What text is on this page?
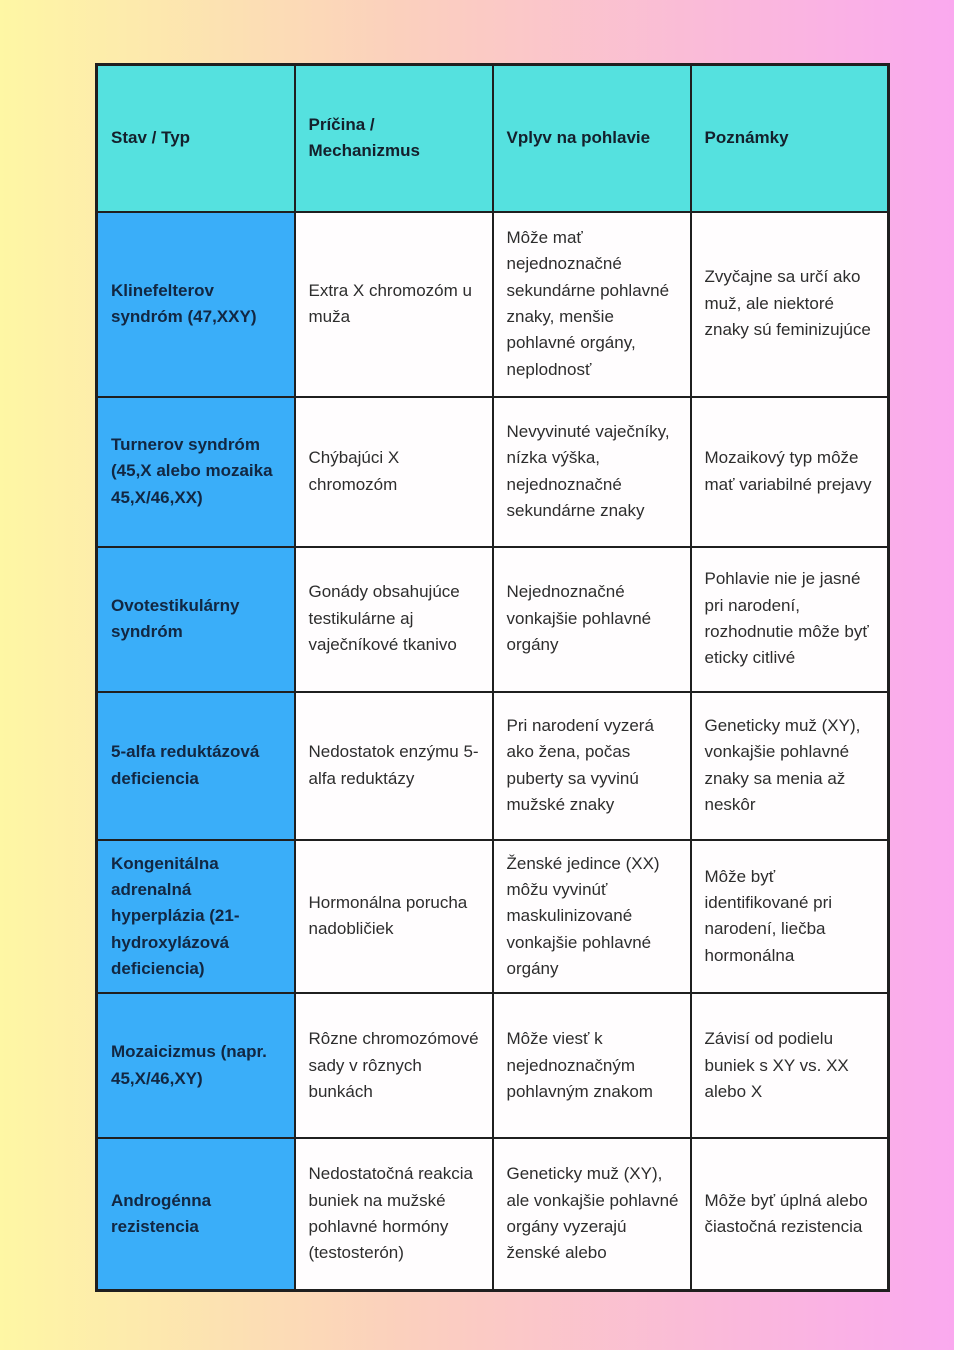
Stav / Typ	Príčina / Mechanizmus	Vplyv na pohlavie	Poznámky
Klinefelterov syndróm (47,XXY)	Extra X chromozóm u muža	Môže mať nejednoznačné sekundárne pohlavné znaky, menšie pohlavné orgány, neplodnosť	Zvyčajne sa určí ako muž, ale niektoré znaky sú feminizujúce
Turnerov syndróm (45,X alebo mozaika 45,X/46,XX)	Chýbajúci X chromozóm	Nevyvinuté vaječníky, nízka výška, nejednoznačné sekundárne znaky	Mozaikový typ môže mať variabilné prejavy
Ovotestikulárny syndróm	Gonády obsahujúce testikulárne aj vaječníkové tkanivo	Nejednoznačné vonkajšie pohlavné orgány	Pohlavie nie je jasné pri narodení, rozhodnutie môže byť eticky citlivé
5-alfa reduktázová deficiencia	Nedostatok enzýmu 5-alfa reduktázy	Pri narodení vyzerá ako žena, počas puberty sa vyvinú mužské znaky	Geneticky muž (XY), vonkajšie pohlavné znaky sa menia až neskôr
Kongenitálna adrenalná hyperplázia (21-hydroxylázová deficiencia)	Hormonálna porucha nadobličiek	Ženské jedince (XX) môžu vyvinúť maskulinizované vonkajšie pohlavné orgány	Môže byť identifikované pri narodení, liečba hormonálna
Mozaicizmus (napr. 45,X/46,XY)	Rôzne chromozómové sady v rôznych bunkách	Môže viesť k nejednoznačným pohlavným znakom	Závisí od podielu buniek s XY vs. XX alebo X
Androgénna rezistencia	Nedostatočná reakcia buniek na mužské pohlavné hormóny (testosterón)	Geneticky muž (XY), ale vonkajšie pohlavné orgány vyzerajú ženské alebo	Môže byť úplná alebo čiastočná rezistencia
